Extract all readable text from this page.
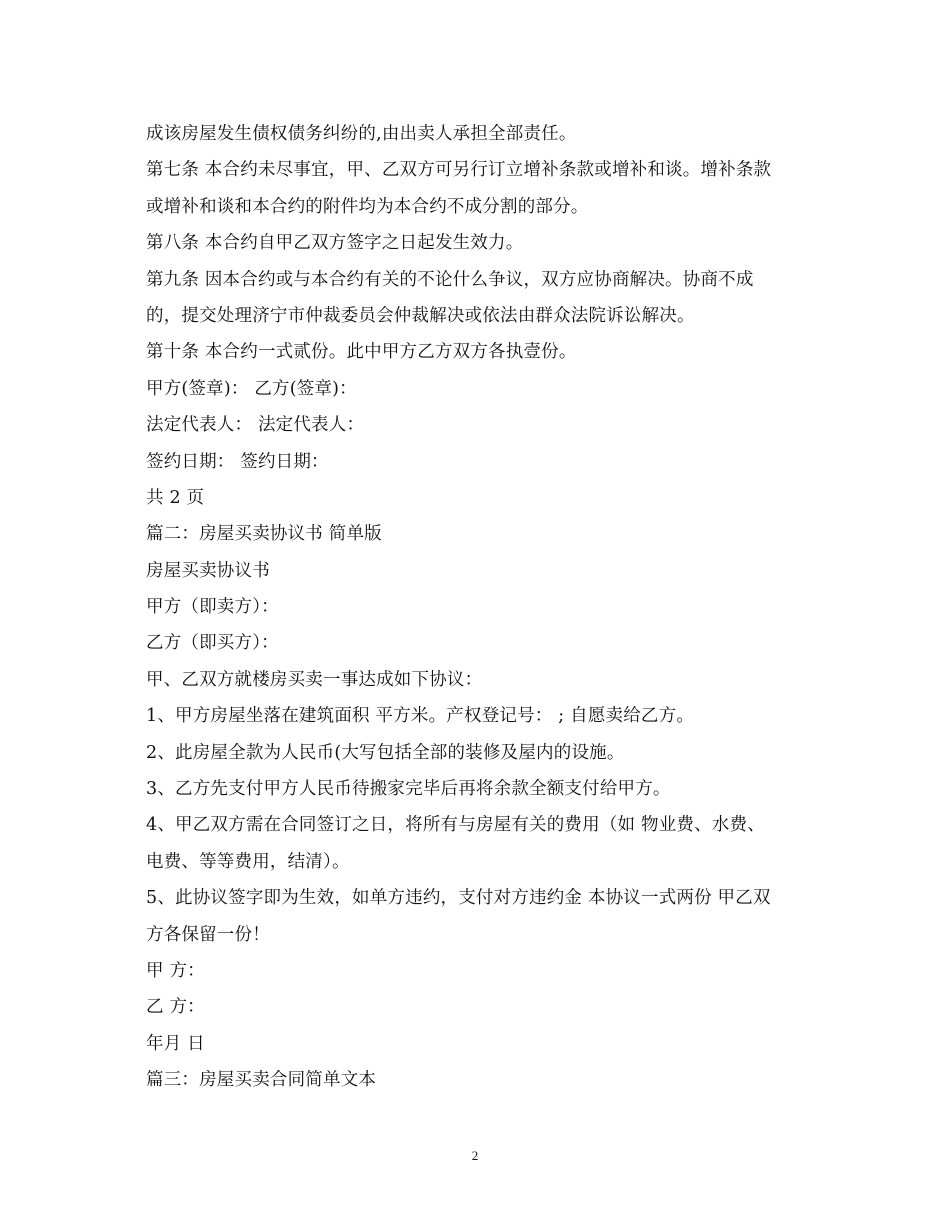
成该房屋发生债权债务纠纷的,由出卖人承担全部责任。
第七条 本合约未尽事宜，甲、乙双方可另行订立增补条款或增补和谈。增补条款
或增补和谈和本合约的附件均为本合约不成分割的部分。
第八条 本合约自甲乙双方签字之日起发生效力。
第九条 因本合约或与本合约有关的不论什么争议，双方应协商解决。协商不成
的，提交处理济宁市仲裁委员会仲裁解决或依法由群众法院诉讼解决。
第十条 本合约一式贰份。此中甲方乙方双方各执壹份。
甲方(签章)： 乙方(签章)：
法定代表人： 法定代表人：
签约日期： 签约日期：
共 2 页
篇二：房屋买卖协议书 简单版
房屋买卖协议书
甲方（即卖方）：
乙方（即买方）：
甲、乙双方就楼房买卖一事达成如下协议：
1、甲方房屋坐落在建筑面积 平方米。产权登记号： ; 自愿卖给乙方。
2、此房屋全款为人民币(大写包括全部的装修及屋内的设施。
3、乙方先支付甲方人民币待搬家完毕后再将余款全额支付给甲方。
4、甲乙双方需在合同签订之日，将所有与房屋有关的费用（如 物业费、水费、
电费、等等费用，结清）。
5、此协议签字即为生效，如单方违约，支付对方违约金 本协议一式两份 甲乙双
方各保留一份！
甲 方：
乙 方：
年月 日
篇三：房屋买卖合同简单文本
2
